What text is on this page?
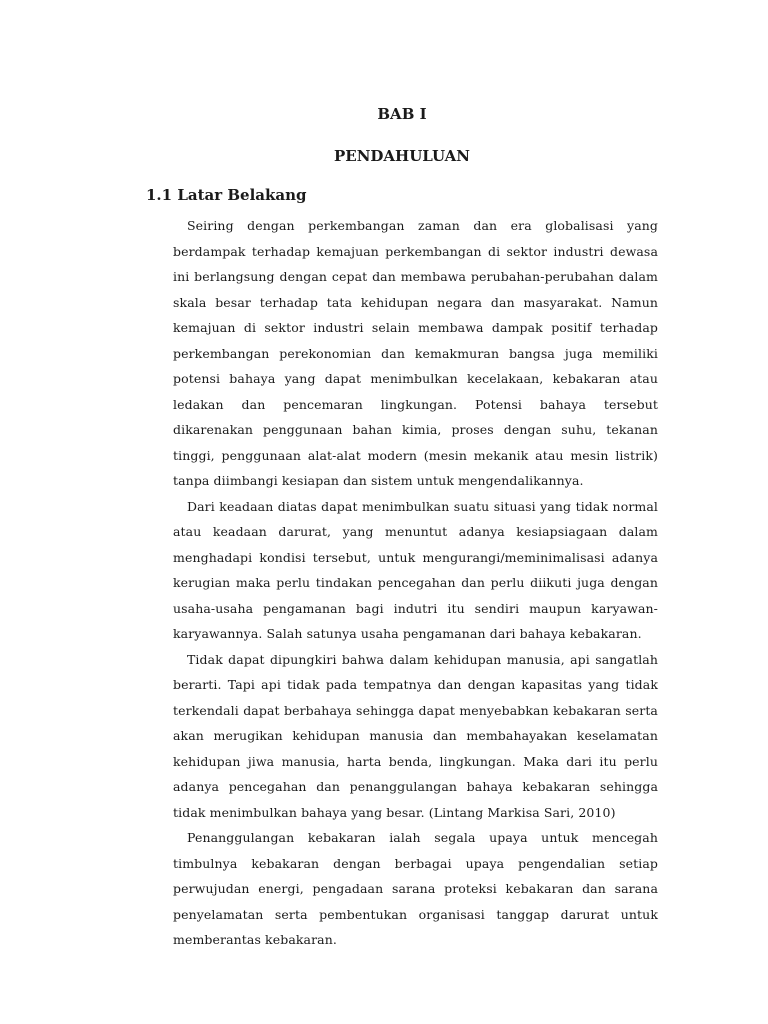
BAB I
PENDAHULUAN
1.1 Latar Belakang

Seiring dengan perkembangan zaman dan era globalisasi yang berdampak terhadap kemajuan perkembangan di sektor industri dewasa ini berlangsung dengan cepat dan membawa perubahan-perubahan dalam skala besar terhadap tata kehidupan negara dan masyarakat. Namun kemajuan di sektor industri selain membawa dampak positif terhadap perkembangan perekonomian dan kemakmuran bangsa juga memiliki potensi bahaya yang dapat menimbulkan kecelakaan, kebakaran atau ledakan dan pencemaran lingkungan. Potensi bahaya tersebut dikarenakan penggunaan bahan kimia, proses dengan suhu, tekanan tinggi, penggunaan alat-alat modern (mesin mekanik atau mesin listrik) tanpa diimbangi kesiapan dan sistem untuk mengendalikannya.

Dari keadaan diatas dapat menimbulkan suatu situasi yang tidak normal atau keadaan darurat, yang menuntut adanya kesiapsiagaan dalam menghadapi kondisi tersebut, untuk mengurangi/meminimalisasi adanya kerugian maka perlu tindakan pencegahan dan perlu diikuti juga dengan usaha-usaha pengamanan bagi indutri itu sendiri maupun karyawan-karyawannya. Salah satunya usaha pengamanan dari bahaya kebakaran.

Tidak dapat dipungkiri bahwa dalam kehidupan manusia, api sangatlah berarti. Tapi api tidak pada tempatnya dan dengan kapasitas yang tidak terkendali dapat berbahaya sehingga dapat menyebabkan kebakaran serta akan merugikan kehidupan manusia dan membahayakan keselamatan kehidupan jiwa manusia, harta benda, lingkungan. Maka dari itu perlu adanya pencegahan dan penanggulangan bahaya kebakaran sehingga tidak menimbulkan bahaya yang besar. (Lintang Markisa Sari, 2010)

Penanggulangan kebakaran ialah segala upaya untuk mencegah timbulnya kebakaran dengan berbagai upaya pengendalian setiap perwujudan energi, pengadaan sarana proteksi kebakaran dan sarana penyelamatan serta pembentukan organisasi tanggap darurat untuk memberantas kebakaran.
